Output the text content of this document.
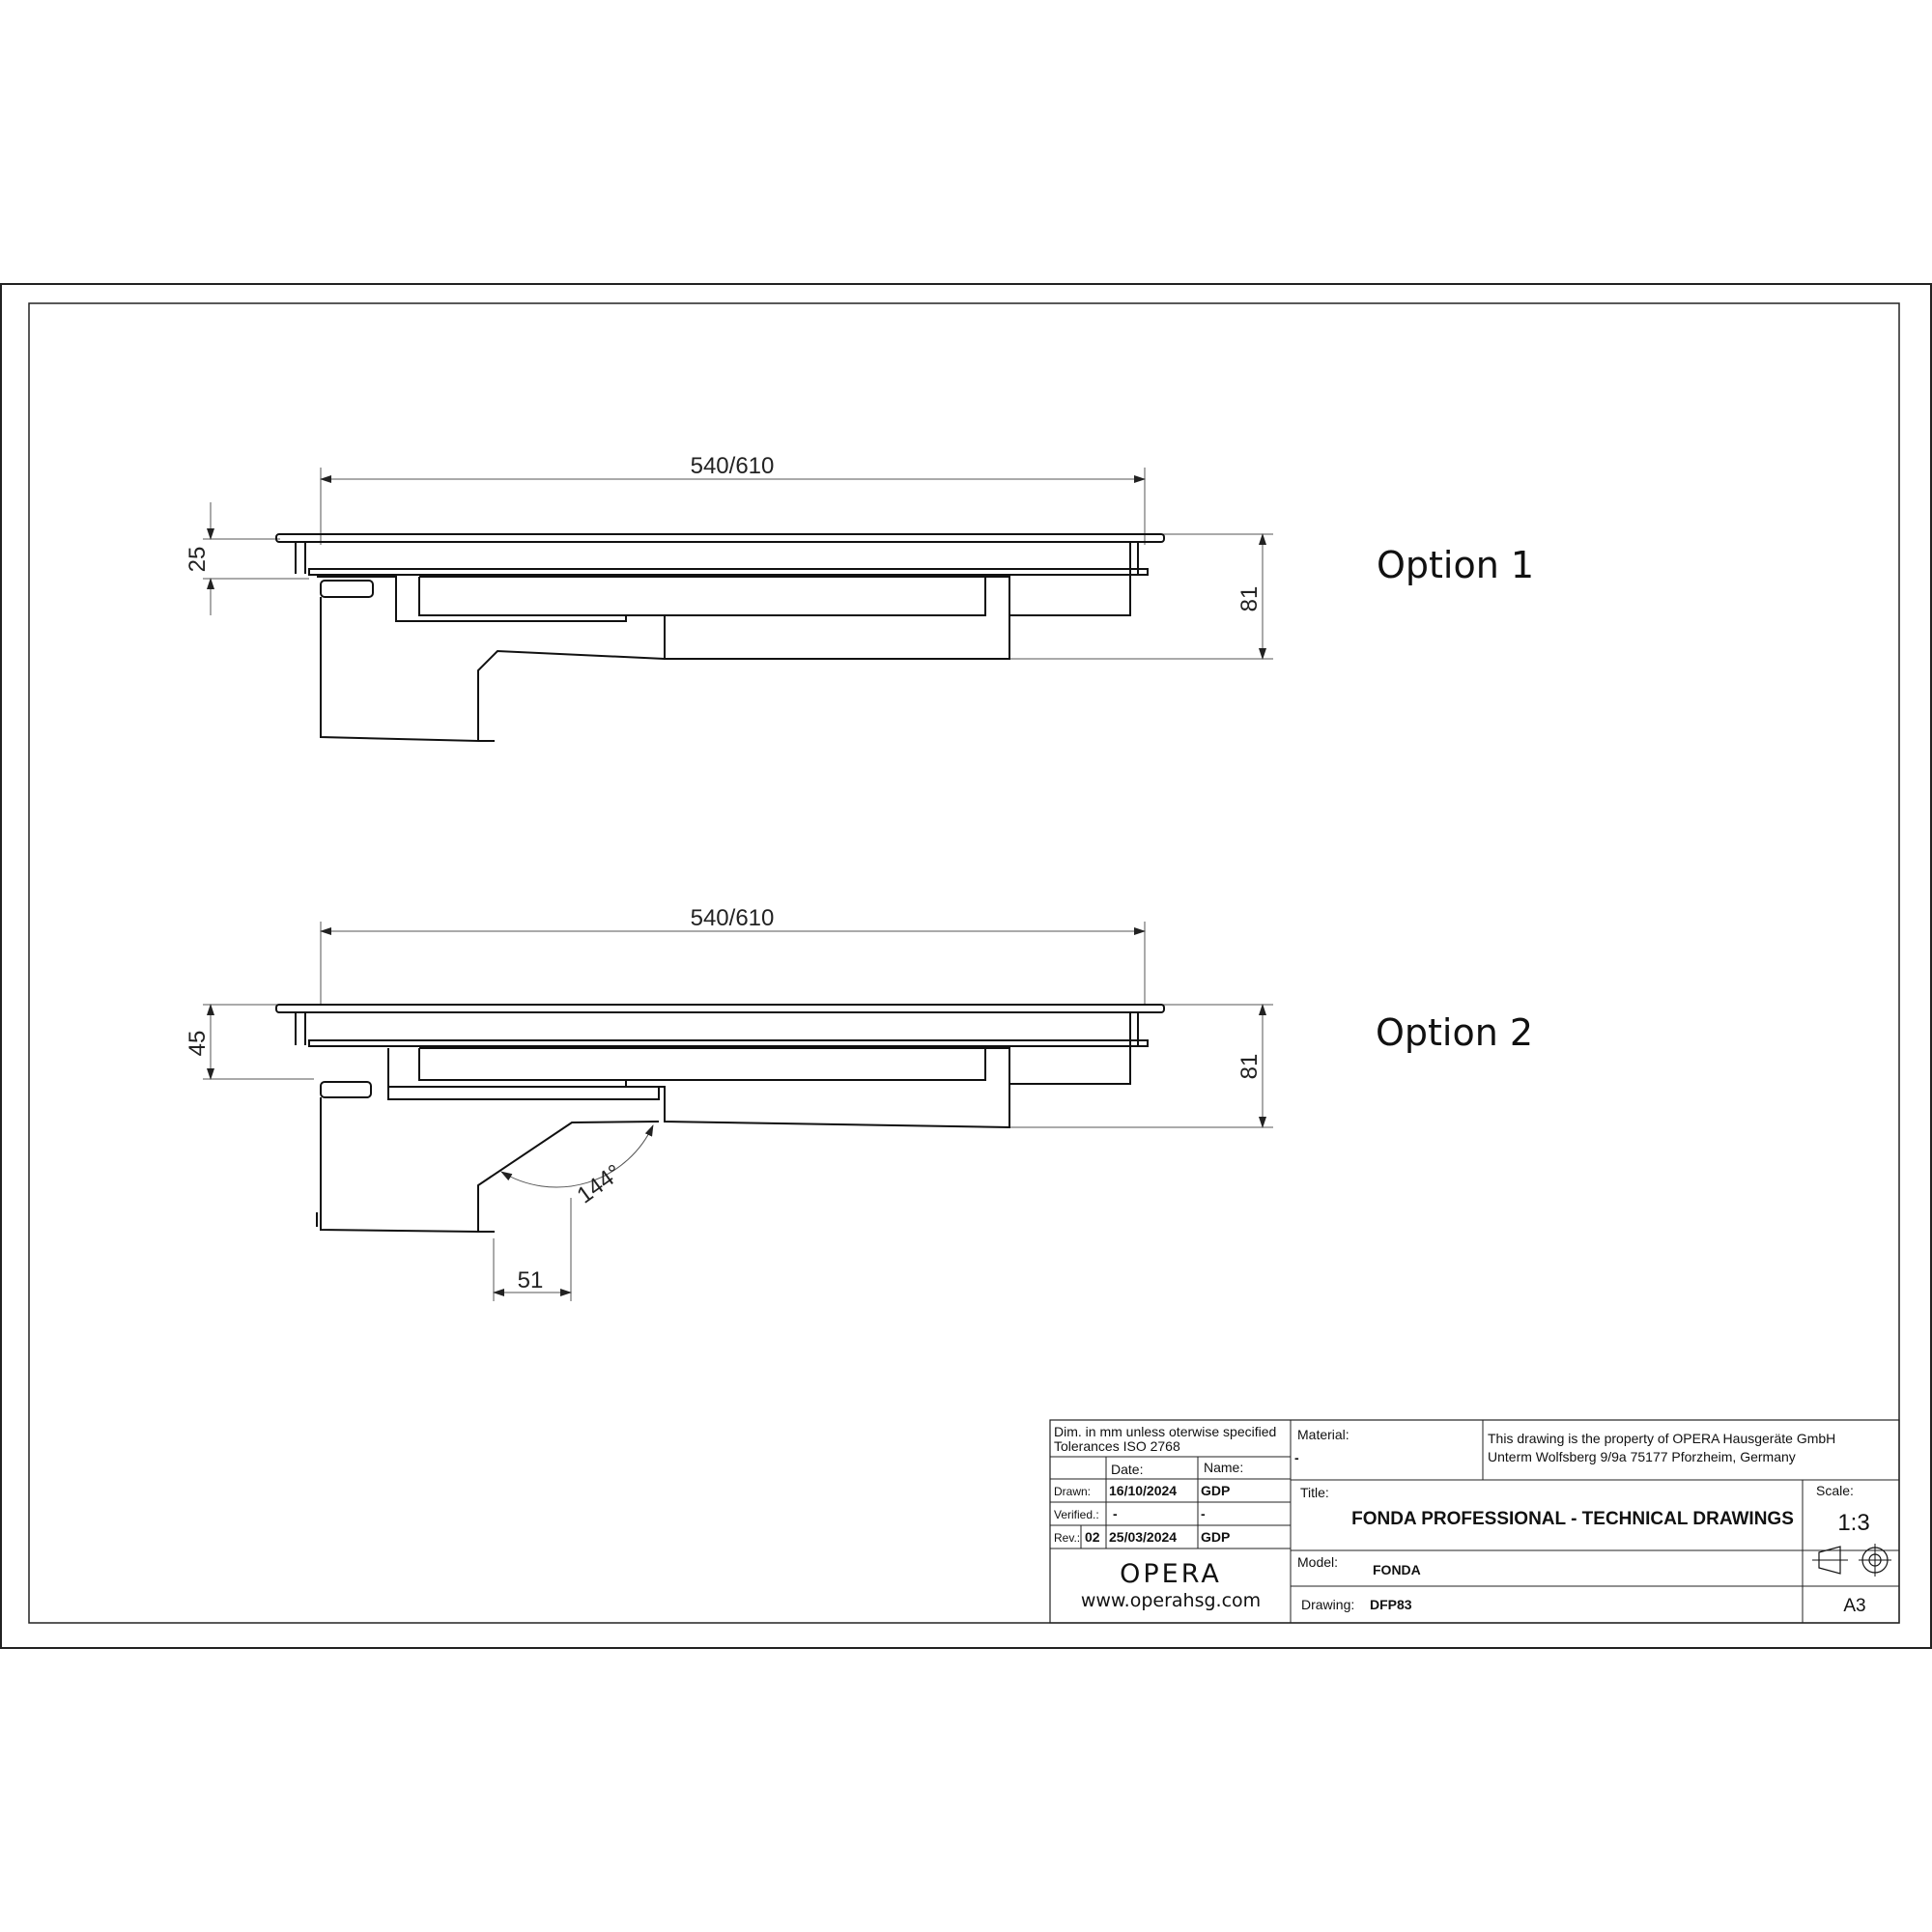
540/610
25
81
Option 1
540/610
45
81
144°
51
Option 2
Dim. in mm unless oterwise specified
Tolerances ISO 2768
Date:	Name:
Drawn: 16/10/2024 GDP
Verified.: -	-
Rev.: 02 25/03/2024 GDP
OPERA
www.operahsg.com
Material:
-
This drawing is the property of OPERA Hausgeräte GmbH
Unterm Wolfsberg 9/9a 75177 Pforzheim, Germany
Title:
FONDA PROFESSIONAL - TECHNICAL DRAWINGS
Scale:
1:3
Model:	FONDA
Drawing: DFP83	A3
